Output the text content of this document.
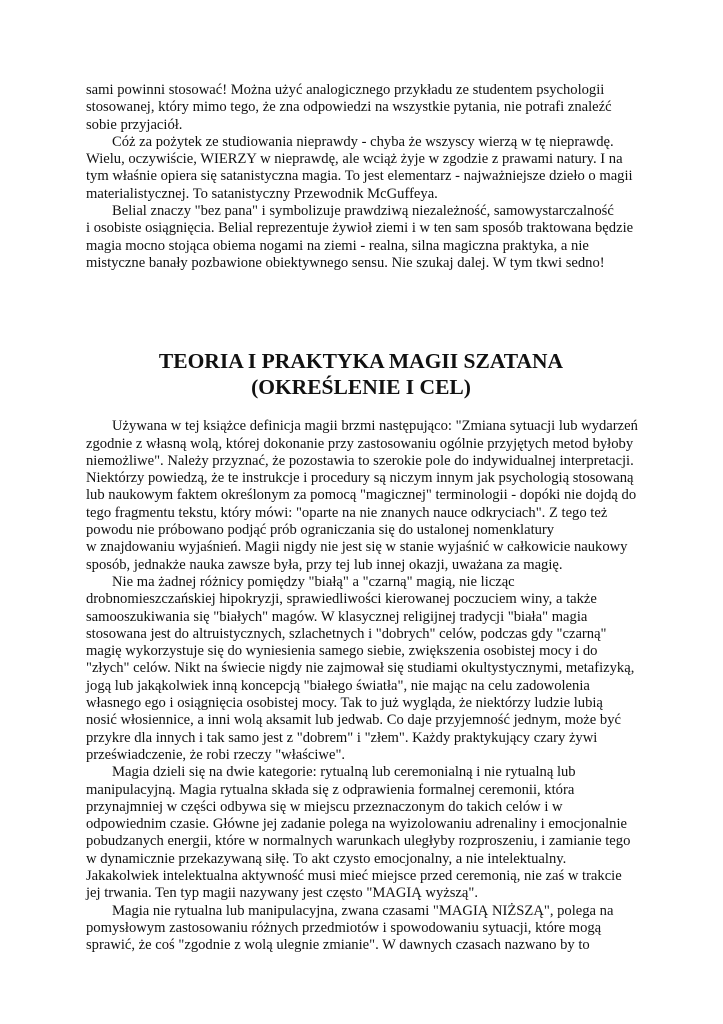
sami powinni stosować! Można użyć analogicznego przykładu ze studentem psychologii
stosowanej, który mimo tego, że zna odpowiedzi na wszystkie pytania, nie potrafi znaleźć
sobie przyjaciół.

Cóż za pożytek ze studiowania nieprawdy - chyba że wszyscy wierzą w tę nieprawdę.
Wielu, oczywiście, WIERZY w nieprawdę, ale wciąż żyje w zgodzie z prawami natury. I na
tym właśnie opiera się satanistyczna magia. To jest elementarz - najważniejsze dzieło o magii
materialistycznej. To satanistyczny Przewodnik McGuffeya.

Belial znaczy "bez pana" i symbolizuje prawdziwą niezależność, samowystarczalność
i osobiste osiągnięcia. Belial reprezentuje żywioł ziemi i w ten sam sposób traktowana będzie
magia mocno stojąca obiema nogami na ziemi - realna, silna magiczna praktyka, a nie
mistyczne banały pozbawione obiektywnego sensu. Nie szukaj dalej. W tym tkwi sedno!

TEORIA I PRAKTYKA MAGII SZATANA
(OKREŚLENIE I CEL)

Używana w tej książce definicja magii brzmi następująco: "Zmiana sytuacji lub wydarzeń
zgodnie z własną wolą, której dokonanie przy zastosowaniu ogólnie przyjętych metod byłoby
niemożliwe". Należy przyznać, że pozostawia to szerokie pole do indywidualnej interpretacji.
Niektórzy powiedzą, że te instrukcje i procedury są niczym innym jak psychologią stosowaną
lub naukowym faktem określonym za pomocą "magicznej" terminologii - dopóki nie dojdą do
tego fragmentu tekstu, który mówi: "oparte na nie znanych nauce odkryciach". Z tego też
powodu nie próbowano podjąć prób ograniczania się do ustalonej nomenklatury
w znajdowaniu wyjaśnień. Magii nigdy nie jest się w stanie wyjaśnić w całkowicie naukowy
sposób, jednakże nauka zawsze była, przy tej lub innej okazji, uważana za magię.

Nie ma żadnej różnicy pomiędzy "białą" a "czarną" magią, nie licząc
drobnomieszczańskiej hipokryzji, sprawiedliwości kierowanej poczuciem winy, a także
samooszukiwania się "białych" magów. W klasycznej religijnej tradycji "biała" magia
stosowana jest do altruistycznych, szlachetnych i "dobrych" celów, podczas gdy "czarną"
magię wykorzystuje się do wyniesienia samego siebie, zwiększenia osobistej mocy i do
"złych" celów. Nikt na świecie nigdy nie zajmował się studiami okultystycznymi, metafizyką,
jogą lub jakąkolwiek inną koncepcją "białego światła", nie mając na celu zadowolenia
własnego ego i osiągnięcia osobistej mocy. Tak to już wygląda, że niektórzy ludzie lubią
nosić włosiennice, a inni wolą aksamit lub jedwab. Co daje przyjemność jednym, może być
przykre dla innych i tak samo jest z "dobrem" i "złem". Każdy praktykujący czary żywi
przeświadczenie, że robi rzeczy "właściwe".

Magia dzieli się na dwie kategorie: rytualną lub ceremonialną i nie rytualną lub
manipulacyjną. Magia rytualna składa się z odprawienia formalnej ceremonii, która
przynajmniej w części odbywa się w miejscu przeznaczonym do takich celów i w
odpowiednim czasie. Główne jej zadanie polega na wyizolowaniu adrenaliny i emocjonalnie
pobudzanych energii, które w normalnych warunkach uległyby rozproszeniu, i zamianie tego
w dynamicznie przekazywaną siłę. To akt czysto emocjonalny, a nie intelektualny.
Jakakolwiek intelektualna aktywność musi mieć miejsce przed ceremonią, nie zaś w trakcie
jej trwania. Ten typ magii nazywany jest często "MAGIĄ wyższą".

Magia nie rytualna lub manipulacyjna, zwana czasami "MAGIĄ NIŻSZĄ", polega na
pomysłowym zastosowaniu różnych przedmiotów i spowodowaniu sytuacji, które mogą
sprawić, że coś "zgodnie z wolą ulegnie zmianie". W dawnych czasach nazwano by to
